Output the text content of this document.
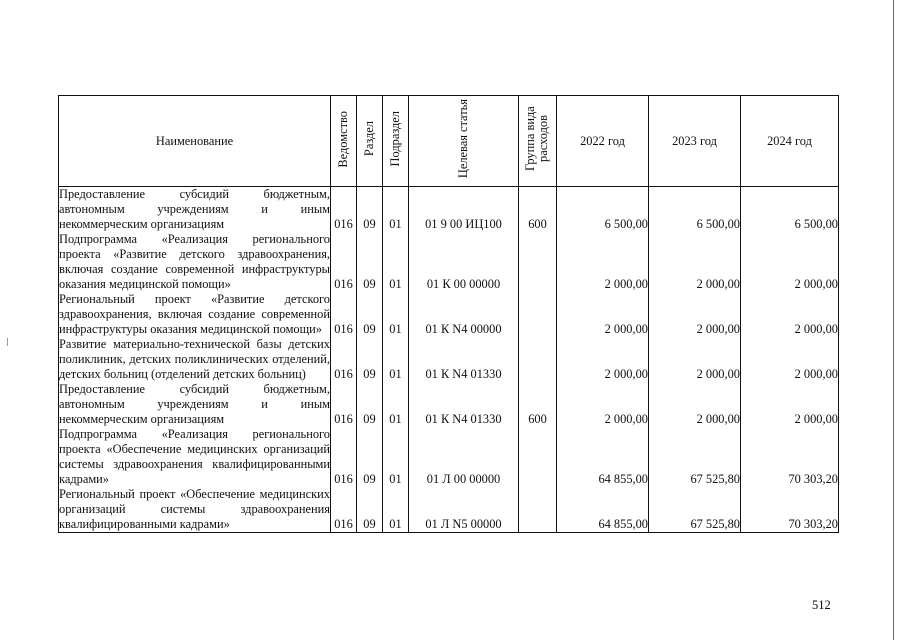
Наименование	Ведомство	Раздел	Подраздел	Целевая статья	Группа вида расходов	2022 год	2023 год	2024 год
Предоставление субсидий бюджетным, автономным учреждениям и иным некоммерческим организациям	016	09	01	01 9 00 ИЦ100	600	6 500,00	6 500,00	6 500,00
Подпрограмма «Реализация регионального проекта «Развитие детского здравоохранения, включая создание современной инфраструктуры оказания медицинской помощи»	016	09	01	01 К 00 00000		2 000,00	2 000,00	2 000,00
Региональный проект «Развитие детского здравоохранения, включая создание современной инфраструктуры оказания медицинской помощи»	016	09	01	01 К N4 00000		2 000,00	2 000,00	2 000,00
Развитие материально-технической базы детских поликлиник, детских поликлинических отделений, детских больниц (отделений детских больниц)	016	09	01	01 К N4 01330		2 000,00	2 000,00	2 000,00
Предоставление субсидий бюджетным, автономным учреждениям и иным некоммерческим организациям	016	09	01	01 К N4 01330	600	2 000,00	2 000,00	2 000,00
Подпрограмма «Реализация регионального проекта «Обеспечение медицинских организаций системы здравоохранения квалифицированными кадрами»	016	09	01	01 Л 00 00000		64 855,00	67 525,80	70 303,20
Региональный проект «Обеспечение медицинских организаций системы здравоохранения квалифицированными кадрами»	016	09	01	01 Л N5 00000		64 855,00	67 525,80	70 303,20
512
